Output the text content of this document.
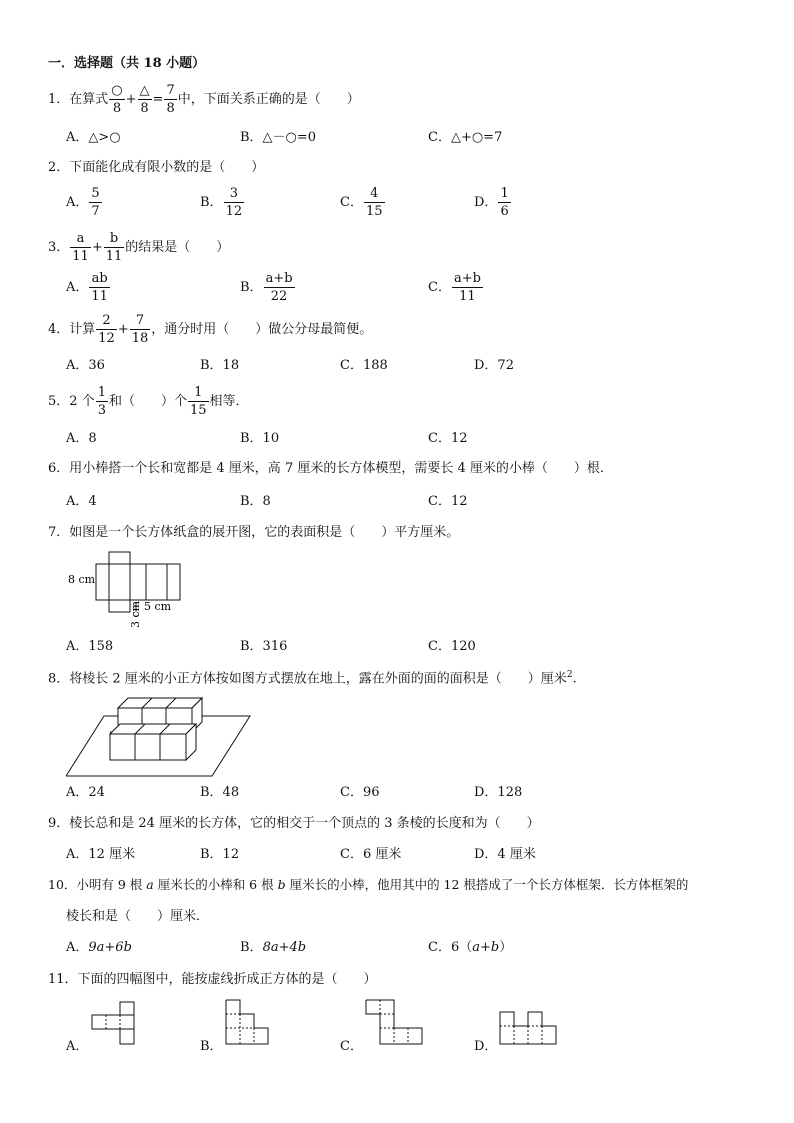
一．选择题（共 18 小题）
1．在算式 $\frac{○}{8} + \frac{\triangle}{8} = \frac{7}{8}$ 中，下面关系正确的是（　　）
A．△>○	B．△－○=0	C．△+○=7
2．下面能化成有限小数的是（　　）
A． $\frac{5}{7}$	B． $\frac{3}{12}$	C． $\frac{4}{15}$	D． $\frac{1}{6}$
3． $\frac{a}{11} + \frac{b}{11}$ 的结果是（　　）
A． $\frac{ab}{11}$	B． $\frac{a+b}{22}$	C． $\frac{a+b}{11}$
4．计算 $\frac{2}{12} + \frac{7}{18}$ ，通分时用（　　）做公分母最简便。
A．36	B．18	C．188	D．72
5．2 个 $\frac{1}{3}$ 和（　　）个 $\frac{1}{15}$ 相等．
A．8	B．10	C．12
6．用小棒搭一个长和宽都是 4 厘米，高 7 厘米的长方体模型，需要长 4 厘米的小棒（　　）根．
A．4	B．8	C．12
7．如图是一个长方体纸盒的展开图，它的表面积是（　　）平方厘米。
8 cm
5 cm
3 cm
A．158	B．316	C．120
8．将棱长 2 厘米的小正方体按如图方式摆放在地上，露在外面的面的面积是（　　）厘米$^2$.
A．24	B．48	C．96	D．128
9．棱长总和是 24 厘米的长方体，它的相交于一个顶点的 3 条棱的长度和为（　　）
A．12 厘米	B．12	C．6 厘米	D．4 厘米
10．小明有 9 根 a 厘米长的小棒和 6 根 b 厘米长的小棒，他用其中的 12 根搭成了一个长方体框架．长方体框架的
棱长和是（　　）厘米．
A．9a+6b	B．8a+4b	C．6（a+b）
11．下面的四幅图中，能按虚线折成正方体的是（　　）
A．	B．	C．	D．
